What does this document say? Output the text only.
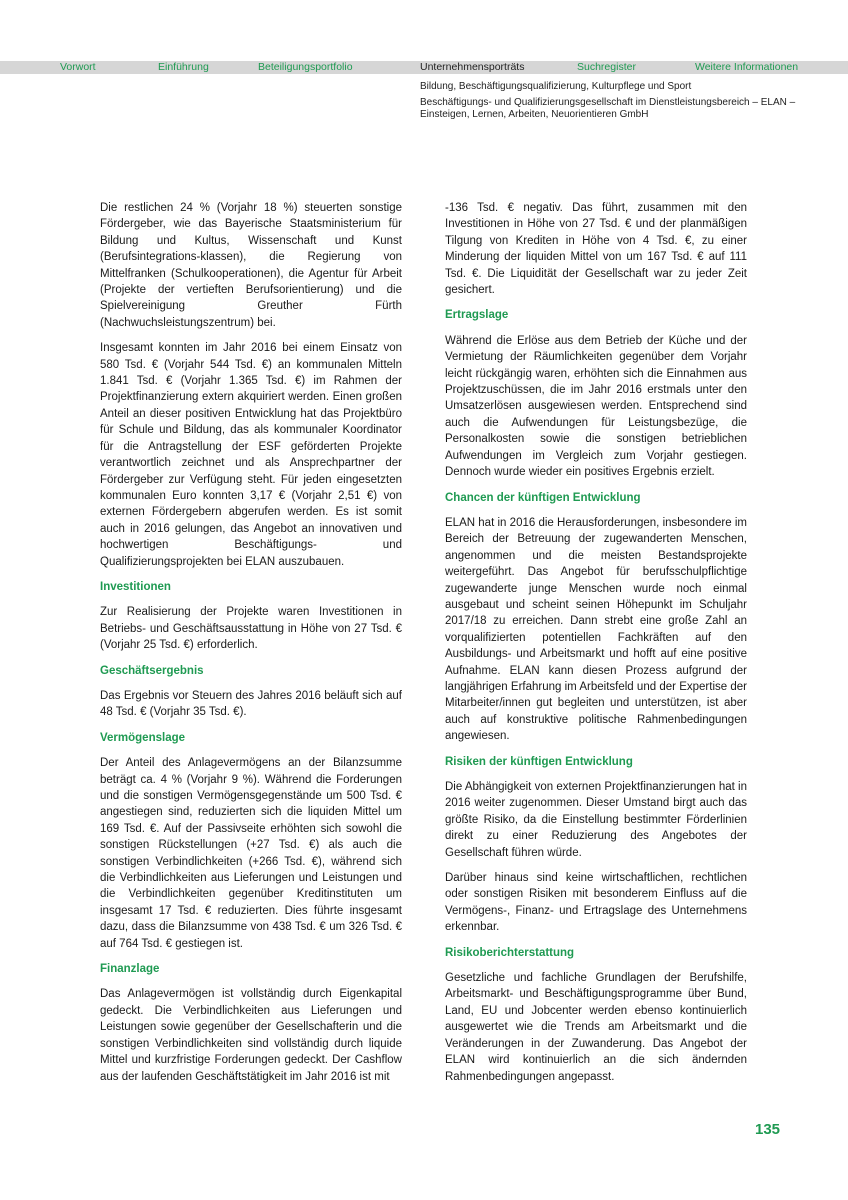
Vorwort	Einführung	Beteiligungsportfolio	Unternehmensporträts	Suchregister	Weitere Informationen
Bildung, Beschäftigungsqualifizierung, Kulturpflege und Sport
Beschäftigungs- und Qualifizierungsgesellschaft im Dienstleistungsbereich – ELAN –
Einsteigen, Lernen, Arbeiten, Neuorientieren GmbH

Die restlichen 24 % (Vorjahr 18 %) steuerten sonstige Fördergeber, wie das Bayerische Staatsministerium für Bildung und Kultus, Wissenschaft und Kunst (Berufsintegrations-klassen), die Regierung von Mittelfranken (Schulkooperationen), die Agentur für Arbeit (Projekte der vertieften Berufsorientierung) und die Spielvereinigung Greuther Fürth (Nachwuchsleistungszentrum) bei.

Insgesamt konnten im Jahr 2016 bei einem Einsatz von 580 Tsd. € (Vorjahr 544 Tsd. €) an kommunalen Mitteln 1.841 Tsd. € (Vorjahr 1.365 Tsd. €) im Rahmen der Projektfinanzierung extern akquiriert werden. Einen großen Anteil an dieser positiven Entwicklung hat das Projektbüro für Schule und Bildung, das als kommunaler Koordinator für die Antragstellung der ESF geförderten Projekte verantwortlich zeichnet und als Ansprechpartner der Fördergeber zur Verfügung steht. Für jeden eingesetzten kommunalen Euro konnten 3,17 € (Vorjahr 2,51 €) von externen Fördergebern abgerufen werden. Es ist somit auch in 2016 gelungen, das Angebot an innovativen und hochwertigen Beschäftigungs- und Qualifizierungsprojekten bei ELAN auszubauen.

Investitionen

Zur Realisierung der Projekte waren Investitionen in Betriebs- und Geschäftsausstattung in Höhe von 27 Tsd. € (Vorjahr 25 Tsd. €) erforderlich.

Geschäftsergebnis

Das Ergebnis vor Steuern des Jahres 2016 beläuft sich auf 48 Tsd. € (Vorjahr 35 Tsd. €).

Vermögenslage

Der Anteil des Anlagevermögens an der Bilanzsumme beträgt ca. 4 % (Vorjahr 9 %). Während die Forderungen und die sonstigen Vermögensgegenstände um 500 Tsd. € angestiegen sind, reduzierten sich die liquiden Mittel um 169 Tsd. €. Auf der Passivseite erhöhten sich sowohl die sonstigen Rückstellungen (+27 Tsd. €) als auch die sonstigen Verbindlichkeiten (+266 Tsd. €), während sich die Verbindlichkeiten aus Lieferungen und Leistungen und die Verbindlichkeiten gegenüber Kreditinstituten um insgesamt 17 Tsd. € reduzierten. Dies führte insgesamt dazu, dass die Bilanzsumme von 438 Tsd. € um 326 Tsd. € auf 764 Tsd. € gestiegen ist.

Finanzlage

Das Anlagevermögen ist vollständig durch Eigenkapital gedeckt. Die Verbindlichkeiten aus Lieferungen und Leistungen sowie gegenüber der Gesellschafterin und die sonstigen Verbindlichkeiten sind vollständig durch liquide Mittel und kurzfristige Forderungen gedeckt. Der Cashflow aus der laufenden Geschäftstätigkeit im Jahr 2016 ist mit

-136 Tsd. € negativ. Das führt, zusammen mit den Investitionen in Höhe von 27 Tsd. € und der planmäßigen Tilgung von Krediten in Höhe von 4 Tsd. €, zu einer Minderung der liquiden Mittel von um 167 Tsd. € auf 111 Tsd. €. Die Liquidität der Gesellschaft war zu jeder Zeit gesichert.

Ertragslage

Während die Erlöse aus dem Betrieb der Küche und der Vermietung der Räumlichkeiten gegenüber dem Vorjahr leicht rückgängig waren, erhöhten sich die Einnahmen aus Projektzuschüssen, die im Jahr 2016 erstmals unter den Umsatzerlösen ausgewiesen werden. Entsprechend sind auch die Aufwendungen für Leistungsbezüge, die Personalkosten sowie die sonstigen betrieblichen Aufwendungen im Vergleich zum Vorjahr gestiegen. Dennoch wurde wieder ein positives Ergebnis erzielt.

Chancen der künftigen Entwicklung

ELAN hat in 2016 die Herausforderungen, insbesondere im Bereich der Betreuung der zugewanderten Menschen, angenommen und die meisten Bestandsprojekte weitergeführt. Das Angebot für berufsschulpflichtige zugewanderte junge Menschen wurde noch einmal ausgebaut und scheint seinen Höhepunkt im Schuljahr 2017/18 zu erreichen. Dann strebt eine große Zahl an vorqualifizierten potentiellen Fachkräften auf den Ausbildungs- und Arbeitsmarkt und hofft auf eine positive Aufnahme. ELAN kann diesen Prozess aufgrund der langjährigen Erfahrung im Arbeitsfeld und der Expertise der Mitarbeiter/innen gut begleiten und unterstützen, ist aber auch auf konstruktive politische Rahmenbedingungen angewiesen.

Risiken der künftigen Entwicklung

Die Abhängigkeit von externen Projektfinanzierungen hat in 2016 weiter zugenommen. Dieser Umstand birgt auch das größte Risiko, da die Einstellung bestimmter Förderlinien direkt zu einer Reduzierung des Angebotes der Gesellschaft führen würde.

Darüber hinaus sind keine wirtschaftlichen, rechtlichen oder sonstigen Risiken mit besonderem Einfluss auf die Vermögens-, Finanz- und Ertragslage des Unternehmens erkennbar.

Risikoberichterstattung

Gesetzliche und fachliche Grundlagen der Berufshilfe, Arbeitsmarkt- und Beschäftigungsprogramme über Bund, Land, EU und Jobcenter werden ebenso kontinuierlich ausgewertet wie die Trends am Arbeitsmarkt und die Veränderungen in der Zuwanderung. Das Angebot der ELAN wird kontinuierlich an die sich ändernden Rahmenbedingungen angepasst.

135
